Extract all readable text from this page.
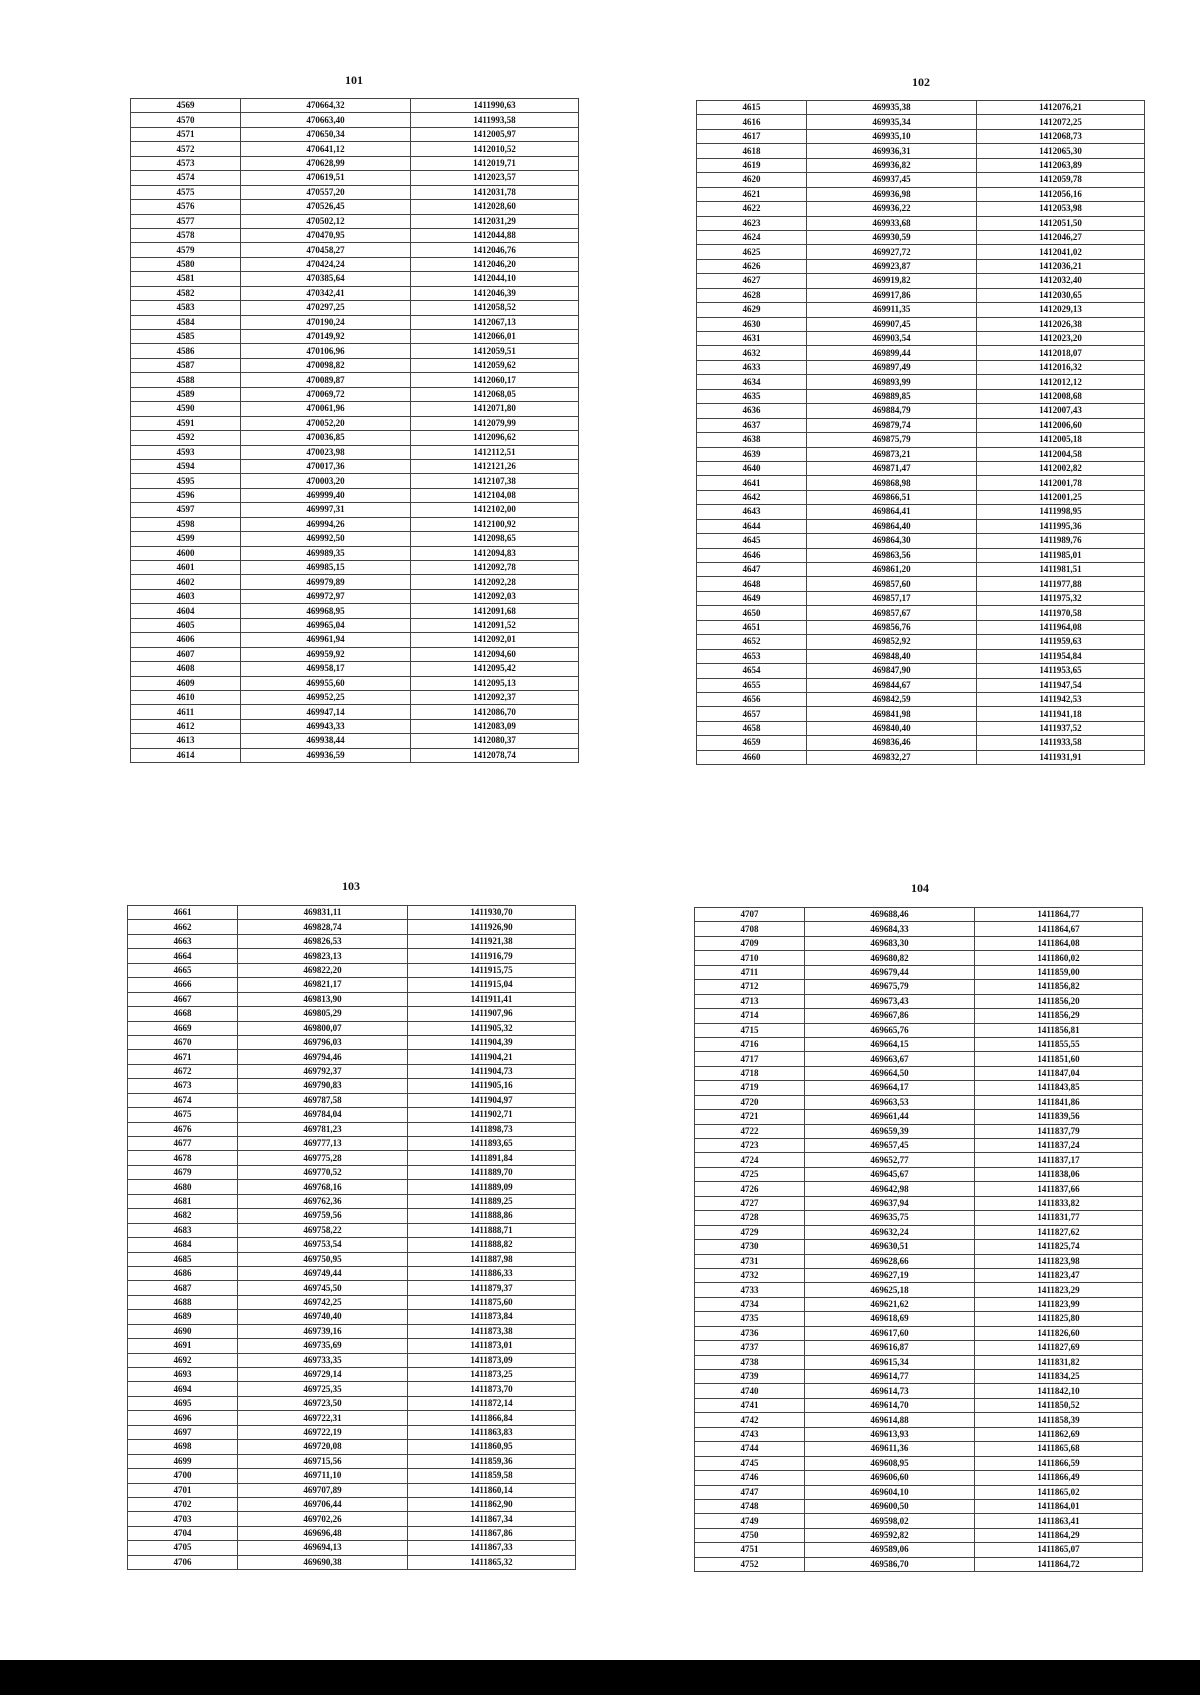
101
4569	470664,32	1411990,63
4570	470663,40	1411993,58
4571	470650,34	1412005,97
4572	470641,12	1412010,52
4573	470628,99	1412019,71
4574	470619,51	1412023,57
4575	470557,20	1412031,78
4576	470526,45	1412028,60
4577	470502,12	1412031,29
4578	470470,95	1412044,88
4579	470458,27	1412046,76
4580	470424,24	1412046,20
4581	470385,64	1412044,10
4582	470342,41	1412046,39
4583	470297,25	1412058,52
4584	470190,24	1412067,13
4585	470149,92	1412066,01
4586	470106,96	1412059,51
4587	470098,82	1412059,62
4588	470089,87	1412060,17
4589	470069,72	1412068,05
4590	470061,96	1412071,80
4591	470052,20	1412079,99
4592	470036,85	1412096,62
4593	470023,98	1412112,51
4594	470017,36	1412121,26
4595	470003,20	1412107,38
4596	469999,40	1412104,08
4597	469997,31	1412102,00
4598	469994,26	1412100,92
4599	469992,50	1412098,65
4600	469989,35	1412094,83
4601	469985,15	1412092,78
4602	469979,89	1412092,28
4603	469972,97	1412092,03
4604	469968,95	1412091,68
4605	469965,04	1412091,52
4606	469961,94	1412092,01
4607	469959,92	1412094,60
4608	469958,17	1412095,42
4609	469955,60	1412095,13
4610	469952,25	1412092,37
4611	469947,14	1412086,70
4612	469943,33	1412083,09
4613	469938,44	1412080,37
4614	469936,59	1412078,74
102
4615	469935,38	1412076,21
4616	469935,34	1412072,25
4617	469935,10	1412068,73
4618	469936,31	1412065,30
4619	469936,82	1412063,89
4620	469937,45	1412059,78
4621	469936,98	1412056,16
4622	469936,22	1412053,98
4623	469933,68	1412051,50
4624	469930,59	1412046,27
4625	469927,72	1412041,02
4626	469923,87	1412036,21
4627	469919,82	1412032,40
4628	469917,86	1412030,65
4629	469911,35	1412029,13
4630	469907,45	1412026,38
4631	469903,54	1412023,20
4632	469899,44	1412018,07
4633	469897,49	1412016,32
4634	469893,99	1412012,12
4635	469889,85	1412008,68
4636	469884,79	1412007,43
4637	469879,74	1412006,60
4638	469875,79	1412005,18
4639	469873,21	1412004,58
4640	469871,47	1412002,82
4641	469868,98	1412001,78
4642	469866,51	1412001,25
4643	469864,41	1411998,95
4644	469864,40	1411995,36
4645	469864,30	1411989,76
4646	469863,56	1411985,01
4647	469861,20	1411981,51
4648	469857,60	1411977,88
4649	469857,17	1411975,32
4650	469857,67	1411970,58
4651	469856,76	1411964,08
4652	469852,92	1411959,63
4653	469848,40	1411954,84
4654	469847,90	1411953,65
4655	469844,67	1411947,54
4656	469842,59	1411942,53
4657	469841,98	1411941,18
4658	469840,40	1411937,52
4659	469836,46	1411933,58
4660	469832,27	1411931,91
103
4661	469831,11	1411930,70
4662	469828,74	1411926,90
4663	469826,53	1411921,38
4664	469823,13	1411916,79
4665	469822,20	1411915,75
4666	469821,17	1411915,04
4667	469813,90	1411911,41
4668	469805,29	1411907,96
4669	469800,07	1411905,32
4670	469796,03	1411904,39
4671	469794,46	1411904,21
4672	469792,37	1411904,73
4673	469790,83	1411905,16
4674	469787,58	1411904,97
4675	469784,04	1411902,71
4676	469781,23	1411898,73
4677	469777,13	1411893,65
4678	469775,28	1411891,84
4679	469770,52	1411889,70
4680	469768,16	1411889,09
4681	469762,36	1411889,25
4682	469759,56	1411888,86
4683	469758,22	1411888,71
4684	469753,54	1411888,82
4685	469750,95	1411887,98
4686	469749,44	1411886,33
4687	469745,50	1411879,37
4688	469742,25	1411875,60
4689	469740,40	1411873,84
4690	469739,16	1411873,38
4691	469735,69	1411873,01
4692	469733,35	1411873,09
4693	469729,14	1411873,25
4694	469725,35	1411873,70
4695	469723,50	1411872,14
4696	469722,31	1411866,84
4697	469722,19	1411863,83
4698	469720,08	1411860,95
4699	469715,56	1411859,36
4700	469711,10	1411859,58
4701	469707,89	1411860,14
4702	469706,44	1411862,90
4703	469702,26	1411867,34
4704	469696,48	1411867,86
4705	469694,13	1411867,33
4706	469690,38	1411865,32
104
4707	469688,46	1411864,77
4708	469684,33	1411864,67
4709	469683,30	1411864,08
4710	469680,82	1411860,02
4711	469679,44	1411859,00
4712	469675,79	1411856,82
4713	469673,43	1411856,20
4714	469667,86	1411856,29
4715	469665,76	1411856,81
4716	469664,15	1411855,55
4717	469663,67	1411851,60
4718	469664,50	1411847,04
4719	469664,17	1411843,85
4720	469663,53	1411841,86
4721	469661,44	1411839,56
4722	469659,39	1411837,79
4723	469657,45	1411837,24
4724	469652,77	1411837,17
4725	469645,67	1411838,06
4726	469642,98	1411837,66
4727	469637,94	1411833,82
4728	469635,75	1411831,77
4729	469632,24	1411827,62
4730	469630,51	1411825,74
4731	469628,66	1411823,98
4732	469627,19	1411823,47
4733	469625,18	1411823,29
4734	469621,62	1411823,99
4735	469618,69	1411825,80
4736	469617,60	1411826,60
4737	469616,87	1411827,69
4738	469615,34	1411831,82
4739	469614,77	1411834,25
4740	469614,73	1411842,10
4741	469614,70	1411850,52
4742	469614,88	1411858,39
4743	469613,93	1411862,69
4744	469611,36	1411865,68
4745	469608,95	1411866,59
4746	469606,60	1411866,49
4747	469604,10	1411865,02
4748	469600,50	1411864,01
4749	469598,02	1411863,41
4750	469592,82	1411864,29
4751	469589,06	1411865,07
4752	469586,70	1411864,72
